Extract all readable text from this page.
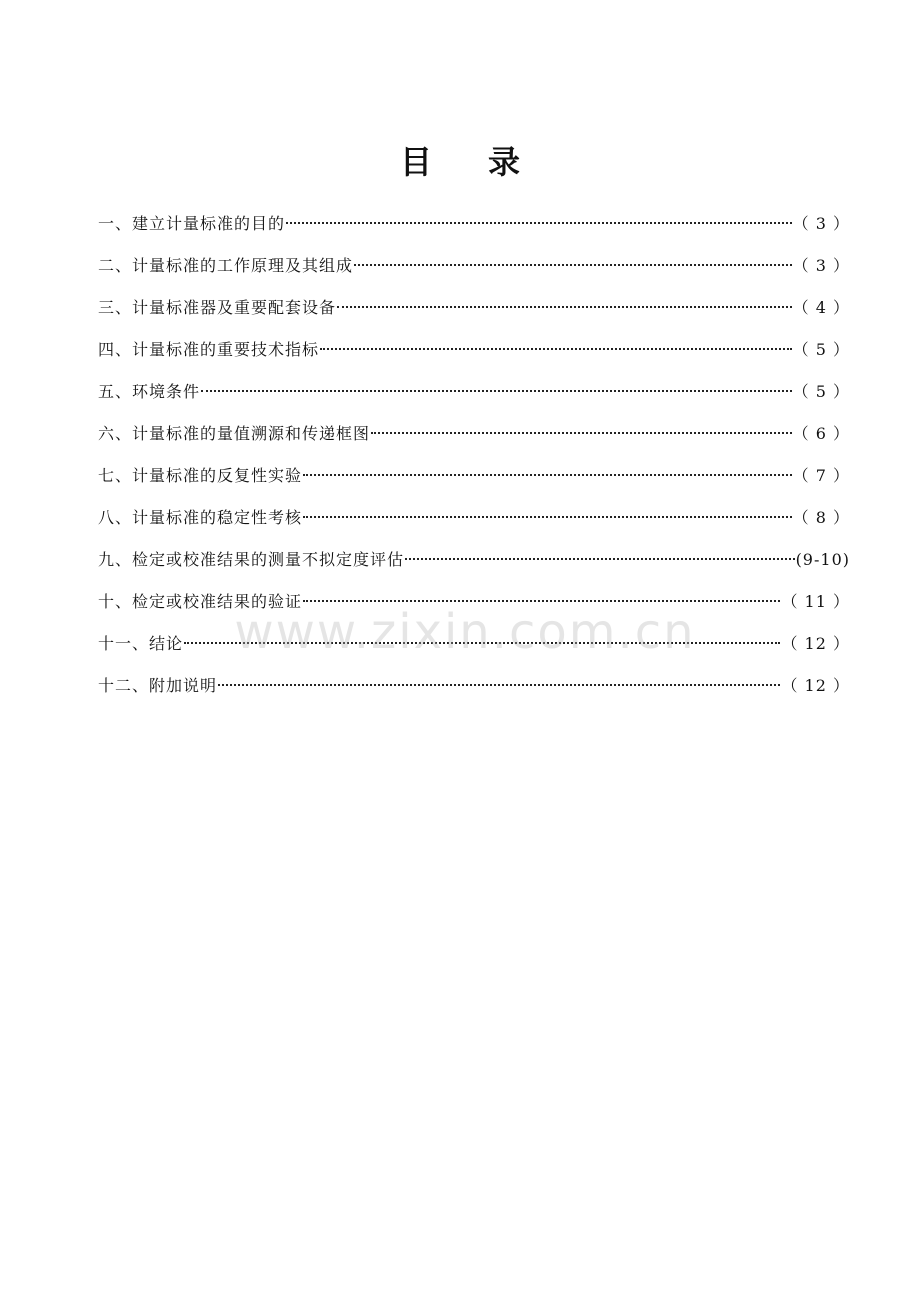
目 录
一、建立计量标准的目的	（ 3 ）
二、计量标准的工作原理及其组成	（ 3 ）
三、计量标准器及重要配套设备	（ 4 ）
四、计量标准的重要技术指标	（ 5 ）
五、环境条件	（ 5 ）
六、计量标准的量值溯源和传递框图	（ 6 ）
七、计量标准的反复性实验	（ 7 ）
八、计量标准的稳定性考核	（ 8 ）
九、检定或校准结果的测量不拟定度评估	(9-10)
十、检定或校准结果的验证	（ 11 ）
十一、结论	（ 12 ）
十二、附加说明	（ 12 ）
www.zixin.com.cn
